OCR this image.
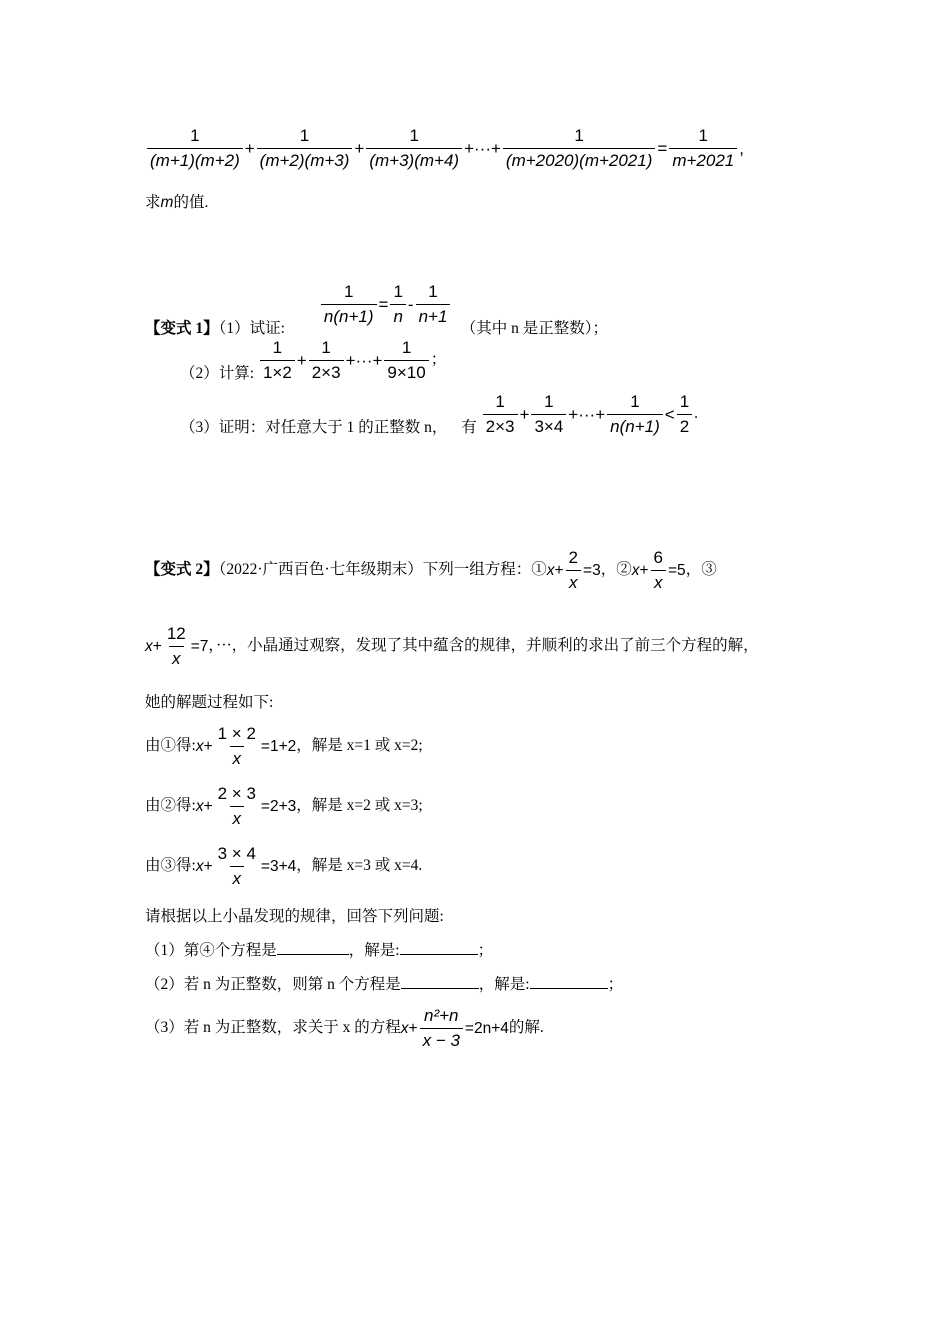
$\frac{1}{(m+1)(m+2)} + \frac{1}{(m+2)(m+3)} + \frac{1}{(m+3)(m+4)}$ +···+ $\frac{1}{(m+2020)(m+2021)} = \frac{1}{m+2021}$ ,
求m的值.

$\frac{1}{n(n+1)} = \frac{1}{n} - \frac{1}{n+1}$
【变式 1】（1）试证:	（其中 n 是正整数）；
（2）计算: $\frac{1}{1\times 2} + \frac{1}{2\times 3}$ +···+ $\frac{1}{9\times 10}$ ；
（3）证明：对任意大于 1 的正整数 n， 有 $\frac{1}{2\times 3} + \frac{1}{3\times 4}$ +···+ $\frac{1}{n(n+1)} < \frac{1}{2}$ .
【变式 2】（2022·广西百色·七年级期末）下列一组方程：①x+ $\frac{2}{x} =3$，②x+ $\frac{6}{x} =5$，③
$x+ \frac{12}{x} =7$，···，小晶通过观察，发现了其中蕴含的规律，并顺利的求出了前三个方程的解，
她的解题过程如下:
由①得:x+ $\frac{1 \times 2}{x} =1+2$，解是 x=1 或 x=2;
由②得:x+ $\frac{2 \times 3}{x} =2+3$，解是 x=2 或 x=3;
由③得:x+ $\frac{3 \times 4}{x} =3+4$，解是 x=3 或 x=4.
请根据以上小晶发现的规律，回答下列问题:
（1）第④个方程是	，解是:	；
（2）若 n 为正整数，则第 n 个方程是	，解是:	；
（3）若 n 为正整数，求关于 x 的方程$x+ \frac{\text{n²+n}}{x - 3} =2n+4$的解.
